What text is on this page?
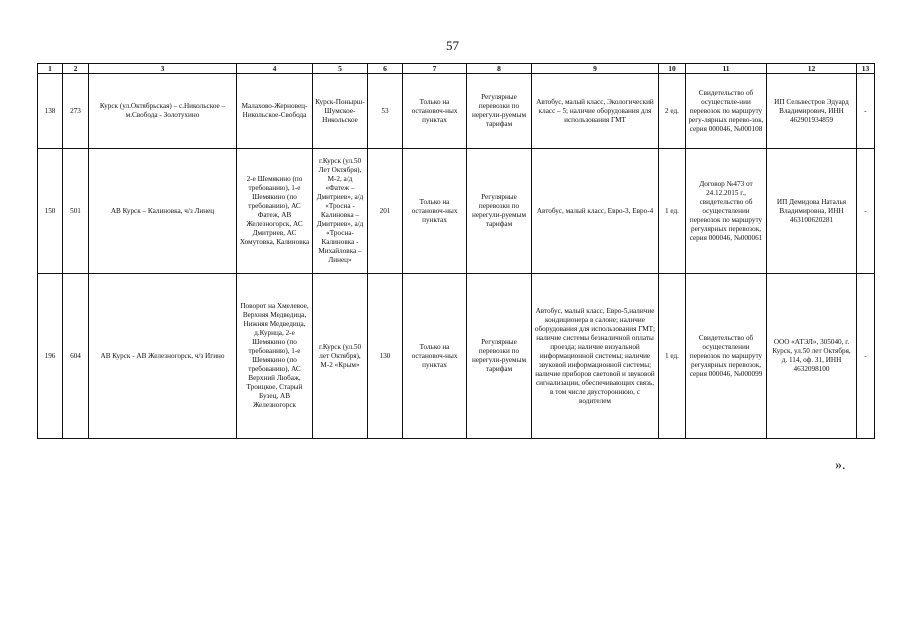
57
1	2	3	4	5	6	7	8	9	10	11	12	13
138	273	Курск (ул.Октябрьская) – с.Никольское – м.Свобода - Золотухино	Малахово-Жерновец-Никольское-Свобода	Курск-Понырш-Шумское-Никольское	53	Только на остановоч-ных пунктах	Регулярные перевозки по нерегули-руемым тарифам	Автобус, малый класс, Экологический класс – 5; наличие оборудования для использования ГМТ	2 ед.	Свидетельство об осуществле-нии перевозок по маршруту регу-лярных перево-зок, серия 000046, №000108	ИП Сельвестров Эдуард Владимирович, ИНН 462901934859	-
150	501	АВ Курск – Калиновка, ч/з Линец	2-е Шемякино (по требованию), 1-е Шемякино (по требованию), АС Фатеж, АВ Железногорск, АС Дмитриев, АС Хомутовка, Калиновка	г.Курск (ул.50 Лет Октября), М-2, а/д «Фатеж – Дмитриев», а/д «Тросна - Калиновка – Дмитриев», а/д «Тросна-Калиновка - Михайловка – Линец»	201	Только на остановоч-ных пунктах	Регулярные перевозки по нерегули-руемым тарифам	Автобус, малый класс, Евро-3, Евро-4	1 ед.	Договор №473 от 24.12.2015 г., свидетельство об осуществлении перевозок по маршруту регулярных перевозок, серия 000046, №000061	ИП Демидова Наталья Владимировна, ИНН 463100620281	-
196	604	АВ Курск - АВ Железногорск, ч/з Игино	Поворот на Хмелевое, Верхняя Медведица, Нижняя Медведица, д.Курица, 2-е Шемякино (по требованию), 1-е Шемякино (по требованию), АС Верхний Любаж, Троицкое, Старый Бузец, АВ Железногорск	г.Курск (ул.50 лет Октября), М-2 «Крым»	130	Только на остановоч-ных пунктах	Регулярные перевозки по нерегули-руемым тарифам	Автобус, малый класс, Евро-5,наличие кондиционера в салоне; наличие оборудования для использования ГМТ; наличие системы безналичной оплаты проезда; наличие визуальной информационной системы; наличие звуковой информационной системы; наличие приборов световой и звуковой сигнализации, обеспечивающих связь, в том числе двустороннюю, с водителем	1 ед.	Свидетельство об осуществлении перевозок по маршруту регулярных перевозок, серия 000046, №000099	ООО «АТЭЛ», 305040, г. Курск, ул.50 лет Октября, д. 114, оф. 31, ИНН 4632098100	-
».
